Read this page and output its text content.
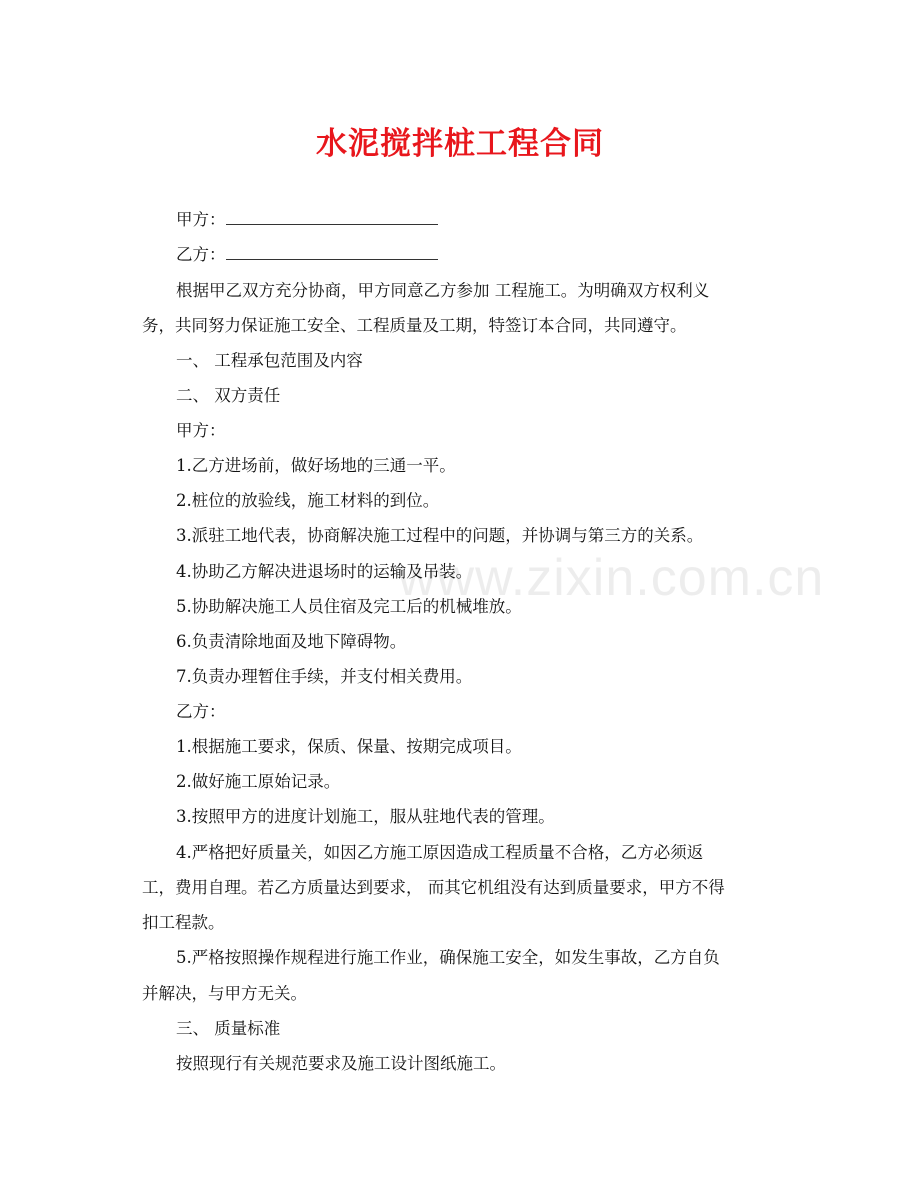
www.zixin.com.cn
水泥搅拌桩工程合同
甲方：
乙方：
根据甲乙双方充分协商，甲方同意乙方参加 工程施工。为明确双方权利义
务，共同努力保证施工安全、工程质量及工期，特签订本合同，共同遵守。
一、 工程承包范围及内容
二、 双方责任
甲方：
1.乙方进场前，做好场地的三通一平。
2.桩位的放验线，施工材料的到位。
3.派驻工地代表，协商解决施工过程中的问题，并协调与第三方的关系。
4.协助乙方解决进退场时的运输及吊装。
5.协助解决施工人员住宿及完工后的机械堆放。
6.负责清除地面及地下障碍物。
7.负责办理暂住手续，并支付相关费用。
乙方：
1.根据施工要求，保质、保量、按期完成项目。
2.做好施工原始记录。
3.按照甲方的进度计划施工，服从驻地代表的管理。
4.严格把好质量关，如因乙方施工原因造成工程质量不合格，乙方必须返
工，费用自理。若乙方质量达到要求， 而其它机组没有达到质量要求，甲方不得
扣工程款。
5.严格按照操作规程进行施工作业，确保施工安全，如发生事故，乙方自负
并解决，与甲方无关。
三、 质量标准
按照现行有关规范要求及施工设计图纸施工。
